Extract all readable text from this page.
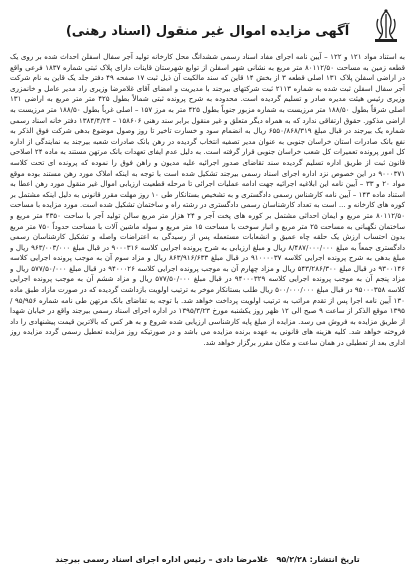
آگهی مزایده اموال غیر منقول (اسناد رهنی)

به استناد مواد ۱۲۱ و ۱۲۲ – آیین نامه اجرای مفاد اسناد رسمی ششدانگ محل کارخانه تولید آجر سفال اسفلن احداث شده بر روی یک قطعه زمین به مساحت ۸۰۱۱۲/۵۰ متر مربع به نشانی شهر اسفلن از توابع شهرستان قاینات دارای پلاک ثبتی شماره ۱۸۳۷ فرعی واقع در اراضی اسفلن پلاک ۱۳۱ اصلی قطعه ۳ از بخش ۱۴ قاین که سند مالکیت آن ذیل ثبت ۱۷ صفحه ۴۹ دفتر جلد یک قاین به نام شرکت آجر سفال اسفلن ثبت شده به شماره ۲۱۱۳ ثبت شرکتهای بیرجند با مدیریت و امضای آقای غلامرضا وزیری راد مدیر عامل و خانمزری وزیری رئیس هیئت مدیره صادر و تسلیم گردیده است. محدوده به شرح پرونده ثبتی شمالاً بطول ۴۲۵ متر متر مربع به اراضی ۱۳۱ اصلی شرقاً بطول ۱۸۸/۵۰ متر مرزیست به شماره مزبور جنوباً بطول ۴۲۵ متر به مرز ۱۵۷ – اصلی غرباً بطول ۱۸۸/۵۰ متر مرزیست به اراضی مذکور. حقوق ارتفاقی ندارد که به همراه دیگر متعلق و غیر منقول برابر سند رهنی ۱۵۸۶۰۶ – ۱۳۸۴/۴/۲۴ دفتر خانه اسناد رسمی شماره یک بیرجند در قبال مبلغ ۶۵۵۰/۸۶۸/۳۱۹ ریال به انضمام سود و خسارت تاخیر تا روز وصول موضوع بدهی شرکت فوق الذکر به نفع بانک صادرات استان خراسان جنوبی به عنوان مدیر تصفیه انتخاب گردیده در رهن بانک صادرات شعبه بیرجند به نمایندگی از اداره کل امور پرونده تعمیرات کل شعب خراسان جنوبی قرار گرفته است. به دلیل عدم ایفای تعهدات بانک مرتهن مستند به ماده ۲۴ اصلاحی قانون ثبت از طریق اداره تسلیم گردیده سند تقاضای صدور اجرائیه علیه مدیون و راهن فوق را نموده که پرونده ای تحت کلاسه ۹۰۰۰۳۷۱ در این خصوص نزد اداره اجرای اسناد رسمی بیرجند تشکیل شده است با توجه به اینکه املاک مورد رهن مستند بوده موقع مواد ۲۰ و ۳۳ – آیین نامه این ابلاغیه اجرائیه جهت ادامه عملیات اجرائی تا مرحله قطعیت ارزیابی اموال غیر منقول مورد رهن اعطا به استناد ماده ۱۴۳ – آیین نامه کارشناس رسمی دادگستری و به تشخیص بستانکار طی ۱۰ روز مهلت مقرر قانونی به دلیل اینکه مشتمل بر کوره های کارخانه و ... است به تعداد کارشناسان رسمی دادگستری در رشته راه و ساختمان تشکیل شده است. مورد مزایده با مساحت ۸۰۱۱۲/۵۰ متر مربع و ایمان احداثی مشتمل بر کوره های پخت آجر و ۲۴ هزار متر مربع سالن تولید آجر با ساحت ۴۳۵۰ متر مربع و ساختمان نگهبانی به مساحت ۲۵ متر مربع و انبار سوخت با مساحت ۱۵ متر مربع و سوله ماشین آلات با مساحت حدوداً ۷۵۰ متر مربع بدون احتساب ارزش یک حلقه چاه عمیق و انشعابات مستعمله پس از رسیدگی به اعتراضات واصله و تشکیل کارشناسان رسمی دادگستری جمعاً به مبلغ ۸/۴۸۷/۰۰۰/۰۰۰ ریال و مبلغ ارزیابی به شرح پرونده اجرایی کلاسه ۹۰۰۰۳۱۶ در قبال مبلغ ۹۶۳/۰۰۳/۰۰۰ ریال و مبلغ بدهی به شرح پرونده اجرایی کلاسه ۹۱۰۰۰۰۳۷ در قبال مبلغ ۸۶۳/۹۱۶/۶۳۳ ریال و مزاد سوم آن به موجب پرونده اجرایی کلاسه ۹۳۰۰۱۴۶ در قبال مبلغ ۵۴۳/۲۸۶/۳۰۰ ریال و مزاد چهارم آن به موجب پرونده اجرایی کلاسه ۹۴۰۰۰۲۶ در قبال مبلغ ۵۷۷/۵۰/۰۰۰ ریال و مزاد پنجم آن به موجب پرونده اجرایی کلاسه ۹۴۰۰۰۳۲۹ در قبال مبلغ ۵۷۷/۵۰/۰۰۰ ریال و مزاد ششم آن به موجب پرونده اجرایی کلاسه ۹۵۰۰۰۳۵۸ در قبال مبلغ ۵۰۰/۰۰۰/۰۰۰ ریال طلب بستانکار موخر به ترتیب اولویت بازداشت گردیده که در صورت مازاد طبق ماده ۱۳۰ آیین نامه اجرا پس از تقدم مراتب به ترتیب اولویت پرداخت خواهد شد. با توجه به تقاضای بانک مرتهن طی نامه شماره ۹۵/۹۵۶ / ۱۳۹۵ موقع الذکر از ساعت ۹ صبح الی ۱۲ ظهر روز یکشنبه مورخ ۱۳۹۵/۳/۲۳ در اداره اجرای اسناد رسمی بیرجند واقع در خیابان شهدا از طریق مزایده به فروش می رسد. مزایده از مبلغ پایه کارشناسی ارزیابی شده شروع و به هر کس که بالاترین قیمت پیشنهادی را داد فروخته خواهد شد. کلیه هزینه های قانونی به عهده برنده مزایده می باشد و در صورتیکه روز مزایده تعطیل رسمی گردد مزایده روز اداری بعد از تعطیلی در همان ساعت و مکان مقرر برگزار خواهد شد.

تاریخ انتشار: ۹۵/۲/۲۸
غلامرضا دادی – رئیس اداره اجرای اسناد رسمی بیرجند
